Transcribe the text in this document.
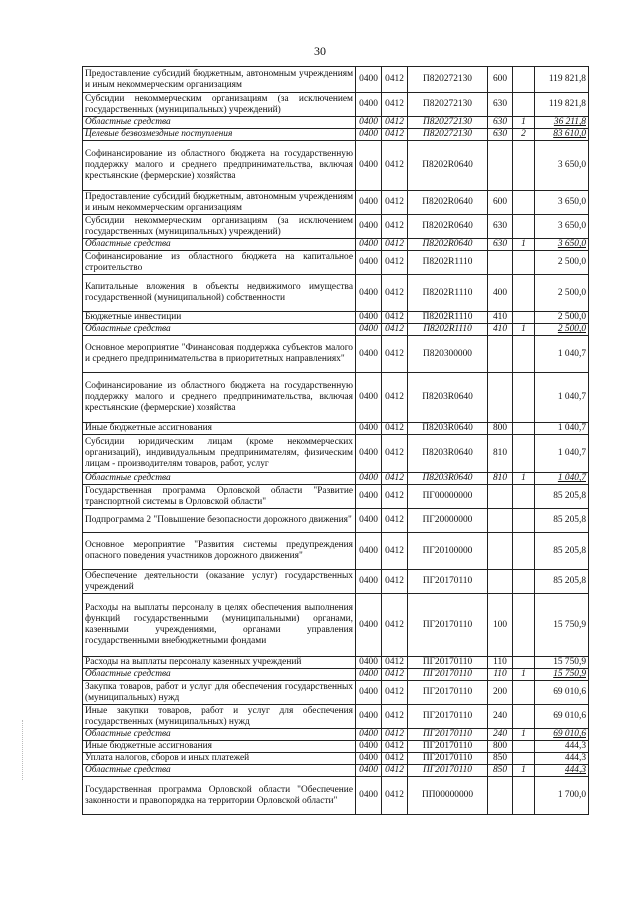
30
Предоставление субсидий бюджетным, автономным учреждениям и иным некоммерческим организациям	0400	0412	П820272130	600		119 821,8
Субсидии некоммерческим организациям (за исключением государственных (муниципальных) учреждений)	0400	0412	П820272130	630		119 821,8
Областные средства	0400	0412	П820272130	630	1	36 211,8
Целевые безвозмездные поступления	0400	0412	П820272130	630	2	83 610,0
Софинансирование из областного бюджета на государственную поддержку малого и среднего предпринимательства, включая крестьянские (фермерские) хозяйства	0400	0412	П8202R0640			3 650,0
Предоставление субсидий бюджетным, автономным учреждениям и иным некоммерческим организациям	0400	0412	П8202R0640	600		3 650,0
Субсидии некоммерческим организациям (за исключением государственных (муниципальных) учреждений)	0400	0412	П8202R0640	630		3 650,0
Областные средства	0400	0412	П8202R0640	630	1	3 650,0
Софинансирование из областного бюджета на капитальное строительство	0400	0412	П8202R1110			2 500,0
Капитальные вложения в объекты недвижимого имущества государственной (муниципальной) собственности	0400	0412	П8202R1110	400		2 500,0
Бюджетные инвестиции	0400	0412	П8202R1110	410		2 500,0
Областные средства	0400	0412	П8202R1110	410	1	2 500,0
Основное мероприятие "Финансовая поддержка субъектов малого и среднего предпринимательства в приоритетных направлениях"	0400	0412	П820300000			1 040,7
Софинансирование из областного бюджета на государственную поддержку малого и среднего предпринимательства, включая крестьянские (фермерские) хозяйства	0400	0412	П8203R0640			1 040,7
Иные бюджетные ассигнования	0400	0412	П8203R0640	800		1 040,7
Субсидии юридическим лицам (кроме некоммерческих организаций), индивидуальным предпринимателям, физическим лицам - производителям товаров, работ, услуг	0400	0412	П8203R0640	810		1 040,7
Областные средства	0400	0412	П8203R0640	810	1	1 040,7
Государственная программа Орловской области "Развитие транспортной системы в Орловской области"	0400	0412	ПГ00000000			85 205,8
Подпрограмма 2 "Повышение безопасности дорожного движения"	0400	0412	ПГ20000000			85 205,8
Основное мероприятие "Развития системы предупреждения опасного поведения участников дорожного движения"	0400	0412	ПГ20100000			85 205,8
Обеспечение деятельности (оказание услуг) государственных учреждений	0400	0412	ПГ20170110			85 205,8
Расходы на выплаты персоналу в целях обеспечения выполнения функций государственными (муниципальными) органами, казенными учреждениями, органами управления государственными внебюджетными фондами	0400	0412	ПГ20170110	100		15 750,9
Расходы на выплаты персоналу казенных учреждений	0400	0412	ПГ20170110	110		15 750,9
Областные средства	0400	0412	ПГ20170110	110	1	15 750,9
Закупка товаров, работ и услуг для обеспечения государственных (муниципальных) нужд	0400	0412	ПГ20170110	200		69 010,6
Иные закупки товаров, работ и услуг для обеспечения государственных (муниципальных) нужд	0400	0412	ПГ20170110	240		69 010,6
Областные средства	0400	0412	ПГ20170110	240	1	69 010,6
Иные бюджетные ассигнования	0400	0412	ПГ20170110	800		444,3
Уплата налогов, сборов и иных платежей	0400	0412	ПГ20170110	850		444,3
Областные средства	0400	0412	ПГ20170110	850	1	444,3
Государственная программа Орловской области "Обеспечение законности и правопорядка на территории Орловской области"	0400	0412	ПП00000000			1 700,0
